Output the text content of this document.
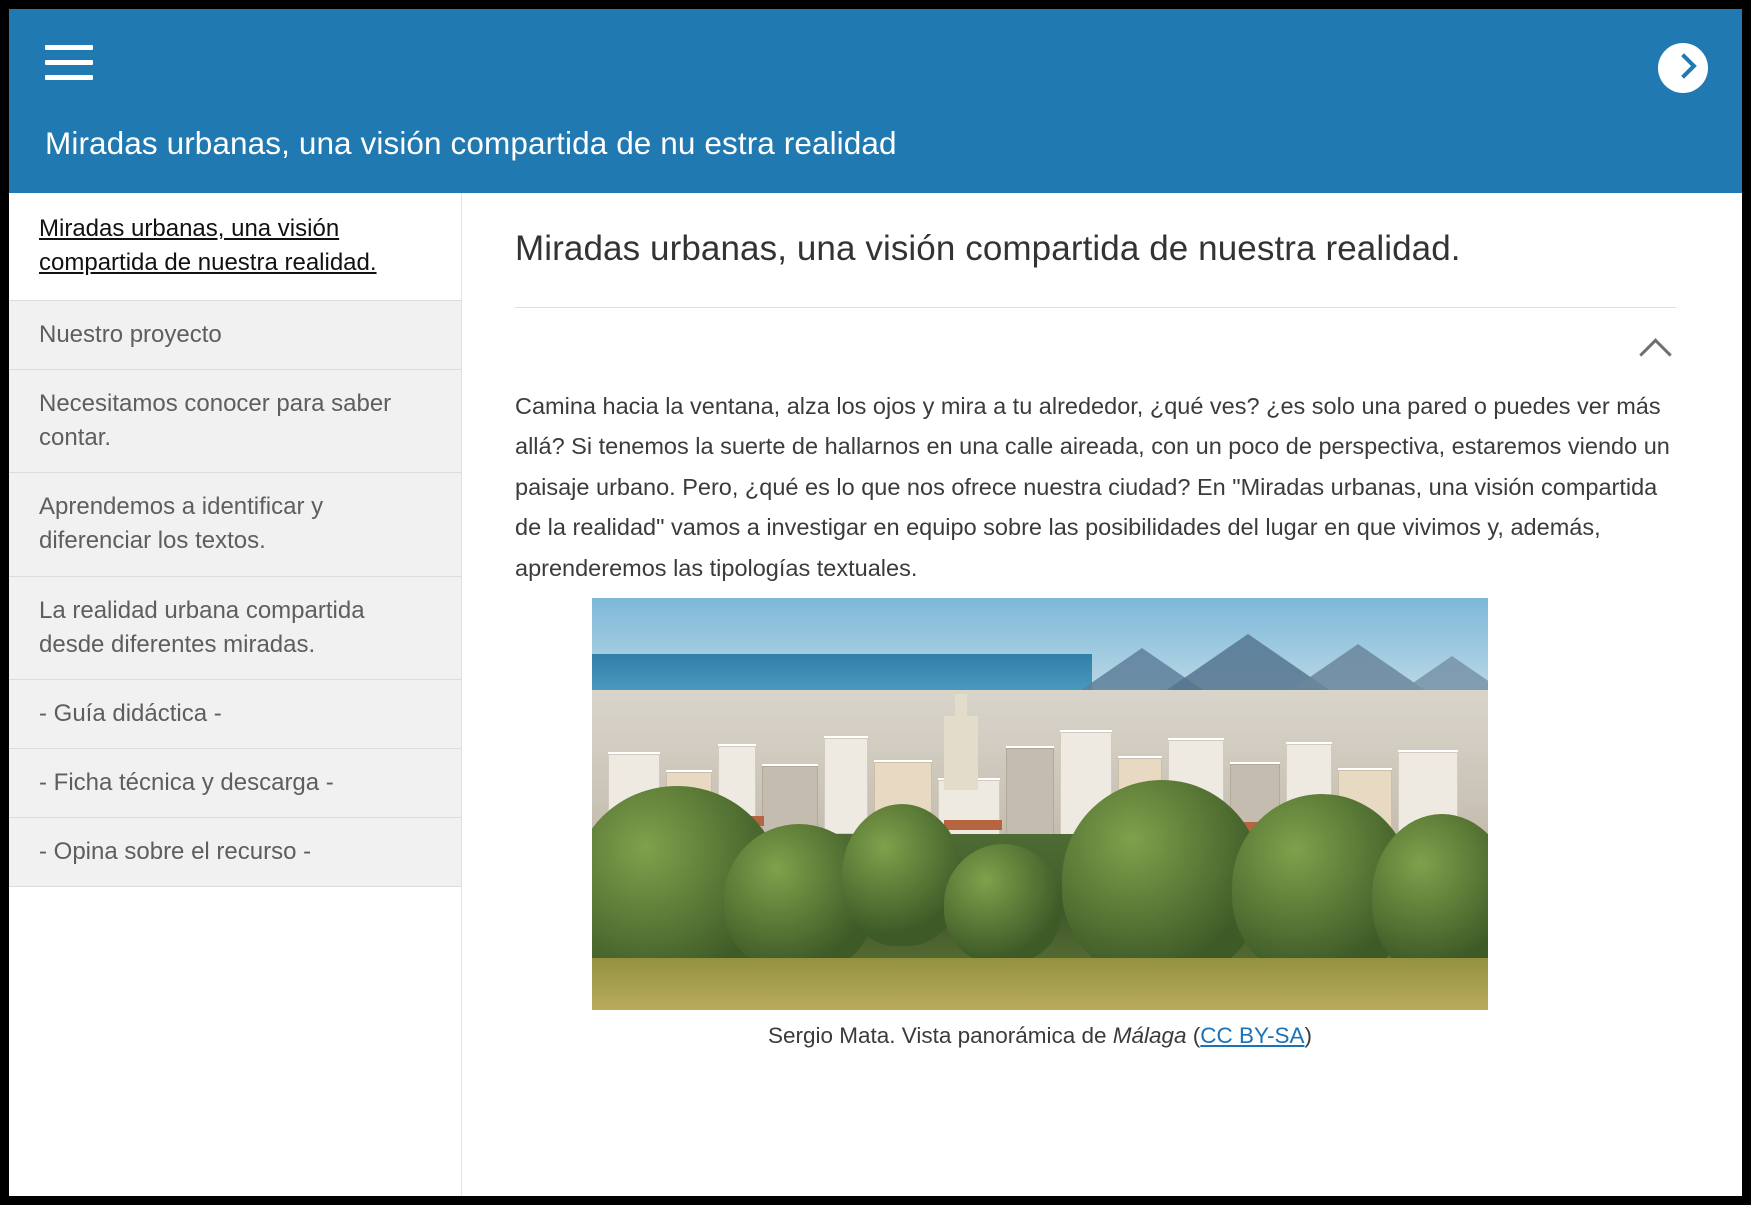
Miradas urbanas, una visión compartida de nu estra realidad
Miradas urbanas, una visión compartida de nuestra realidad.
Nuestro proyecto
Necesitamos conocer para saber contar.
Aprendemos a identificar y diferenciar los textos.
La realidad urbana compartida desde diferentes miradas.
- Guía didáctica -
- Ficha técnica y descarga -
- Opina sobre el recurso -
Miradas urbanas, una visión compartida de nuestra realidad.
Camina hacia la ventana, alza los ojos y mira a tu alrededor, ¿qué ves? ¿es solo una pared o puedes ver más allá? Si tenemos la suerte de hallarnos en una calle aireada, con un poco de perspectiva, estaremos viendo un paisaje urbano. Pero, ¿qué es lo que nos ofrece nuestra ciudad? En "Miradas urbanas, una visión compartida de la realidad" vamos a investigar en equipo sobre las posibilidades del lugar en que vivimos y, además, aprenderemos las tipologías textuales.
Sergio Mata. Vista panorámica de Málaga (CC BY-SA)
